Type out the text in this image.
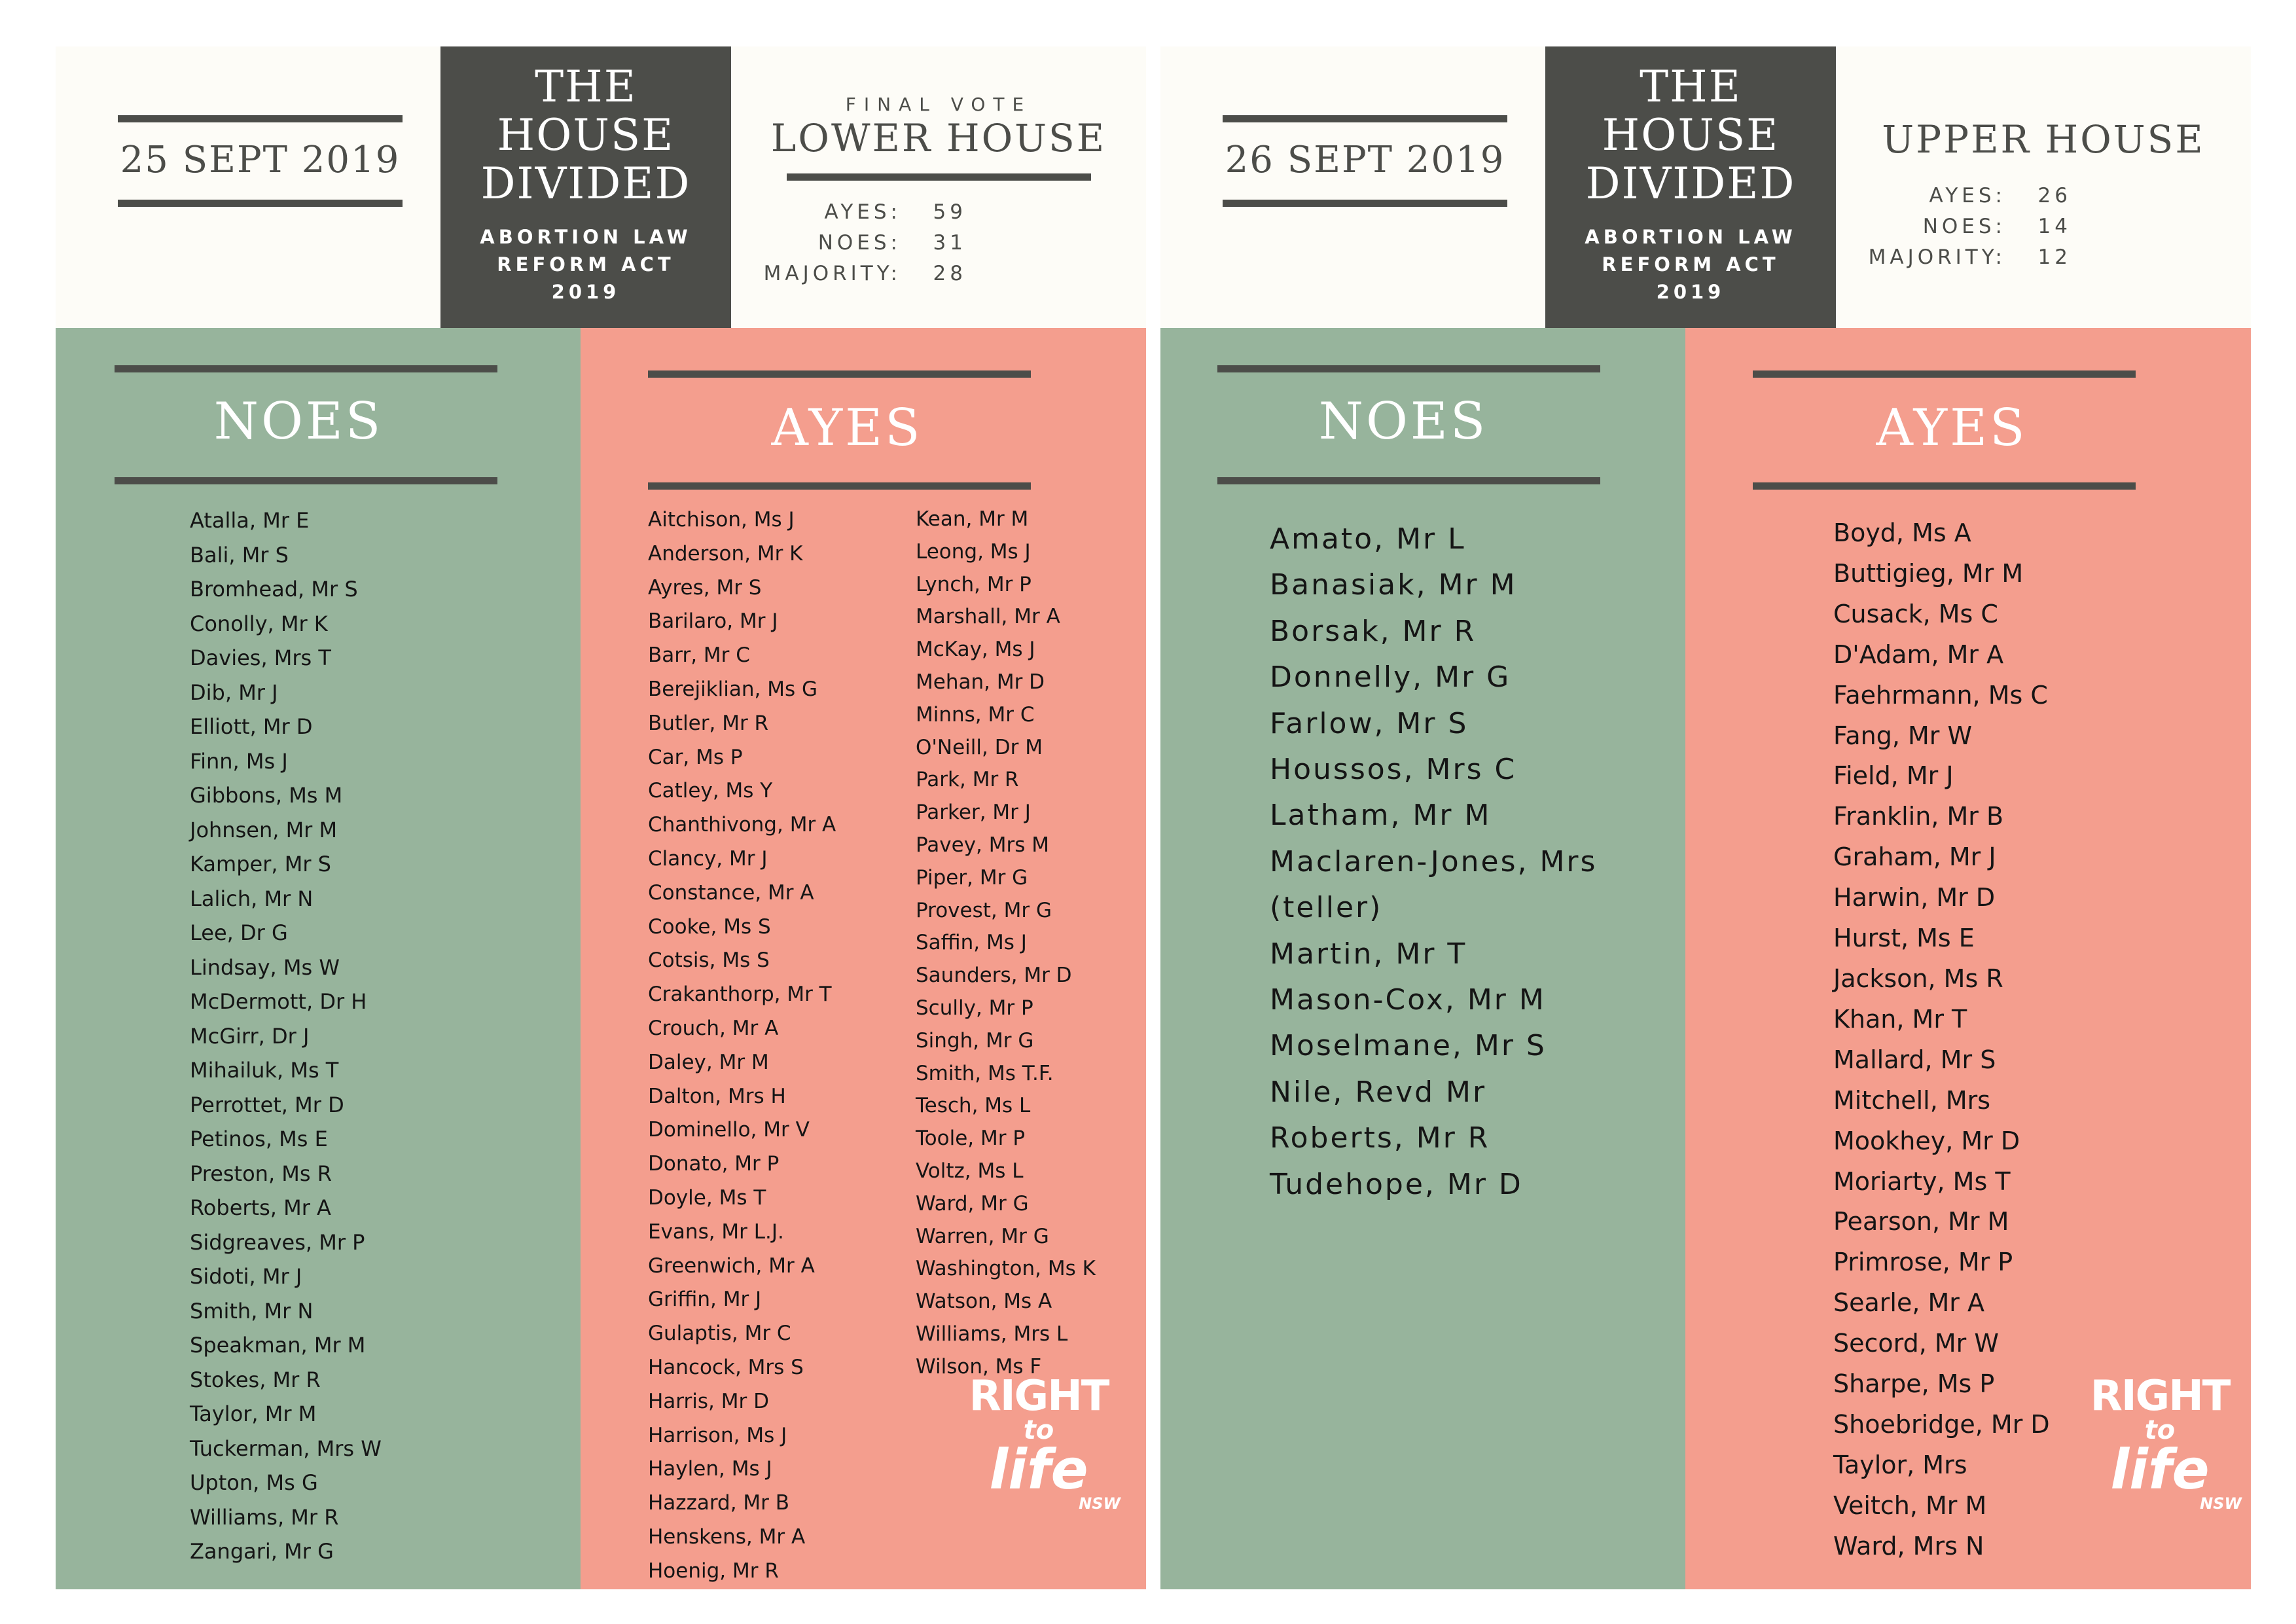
25 SEPT 2019
THE
HOUSE
DIVIDED
ABORTION LAW
REFORM ACT
2019
FINAL VOTE
LOWER HOUSE
AYES: 59
NOES: 31
MAJORITY: 28
NOES
Atalla, Mr E
Bali, Mr S
Bromhead, Mr S
Conolly, Mr K
Davies, Mrs T
Dib, Mr J
Elliott, Mr D
Finn, Ms J
Gibbons, Ms M
Johnsen, Mr M
Kamper, Mr S
Lalich, Mr N
Lee, Dr G
Lindsay, Ms W
McDermott, Dr H
McGirr, Dr J
Mihailuk, Ms T
Perrottet, Mr D
Petinos, Ms E
Preston, Ms R
Roberts, Mr A
Sidgreaves, Mr P
Sidoti, Mr J
Smith, Mr N
Speakman, Mr M
Stokes, Mr R
Taylor, Mr M
Tuckerman, Mrs W
Upton, Ms G
Williams, Mr R
Zangari, Mr G
AYES
Aitchison, Ms J
Anderson, Mr K
Ayres, Mr S
Barilaro, Mr J
Barr, Mr C
Berejiklian, Ms G
Butler, Mr R
Car, Ms P
Catley, Ms Y
Chanthivong, Mr A
Clancy, Mr J
Constance, Mr A
Cooke, Ms S
Cotsis, Ms S
Crakanthorp, Mr T
Crouch, Mr A
Daley, Mr M
Dalton, Mrs H
Dominello, Mr V
Donato, Mr P
Doyle, Ms T
Evans, Mr L.J.
Greenwich, Mr A
Griffin, Mr J
Gulaptis, Mr C
Hancock, Mrs S
Harris, Mr D
Harrison, Ms J
Haylen, Ms J
Hazzard, Mr B
Henskens, Mr A
Hoenig, Mr R
Kean, Mr M
Leong, Ms J
Lynch, Mr P
Marshall, Mr A
McKay, Ms J
Mehan, Mr D
Minns, Mr C
O'Neill, Dr M
Park, Mr R
Parker, Mr J
Pavey, Mrs M
Piper, Mr G
Provest, Mr G
Saffin, Ms J
Saunders, Mr D
Scully, Mr P
Singh, Mr G
Smith, Ms T.F.
Tesch, Ms L
Toole, Mr P
Voltz, Ms L
Ward, Mr G
Warren, Mr G
Washington, Ms K
Watson, Ms A
Williams, Mrs L
Wilson, Ms F
RIGHT
to
life
NSW
26 SEPT 2019
THE
HOUSE
DIVIDED
ABORTION LAW
REFORM ACT
2019
UPPER HOUSE
AYES: 26
NOES: 14
MAJORITY: 12
NOES
Amato, Mr L
Banasiak, Mr M
Borsak, Mr R
Donnelly, Mr G
Farlow, Mr S
Houssos, Mrs C
Latham, Mr M
Maclaren-Jones, Mrs
(teller)
Martin, Mr T
Mason-Cox, Mr M
Moselmane, Mr S
Nile, Revd Mr
Roberts, Mr R
Tudehope, Mr D
AYES
Boyd, Ms A
Buttigieg, Mr M
Cusack, Ms C
D'Adam, Mr A
Faehrmann, Ms C
Fang, Mr W
Field, Mr J
Franklin, Mr B
Graham, Mr J
Harwin, Mr D
Hurst, Ms E
Jackson, Ms R
Khan, Mr T
Mallard, Mr S
Mitchell, Mrs
Mookhey, Mr D
Moriarty, Ms T
Pearson, Mr M
Primrose, Mr P
Searle, Mr A
Secord, Mr W
Sharpe, Ms P
Shoebridge, Mr D
Taylor, Mrs
Veitch, Mr M
Ward, Mrs N
RIGHT
to
life
NSW
